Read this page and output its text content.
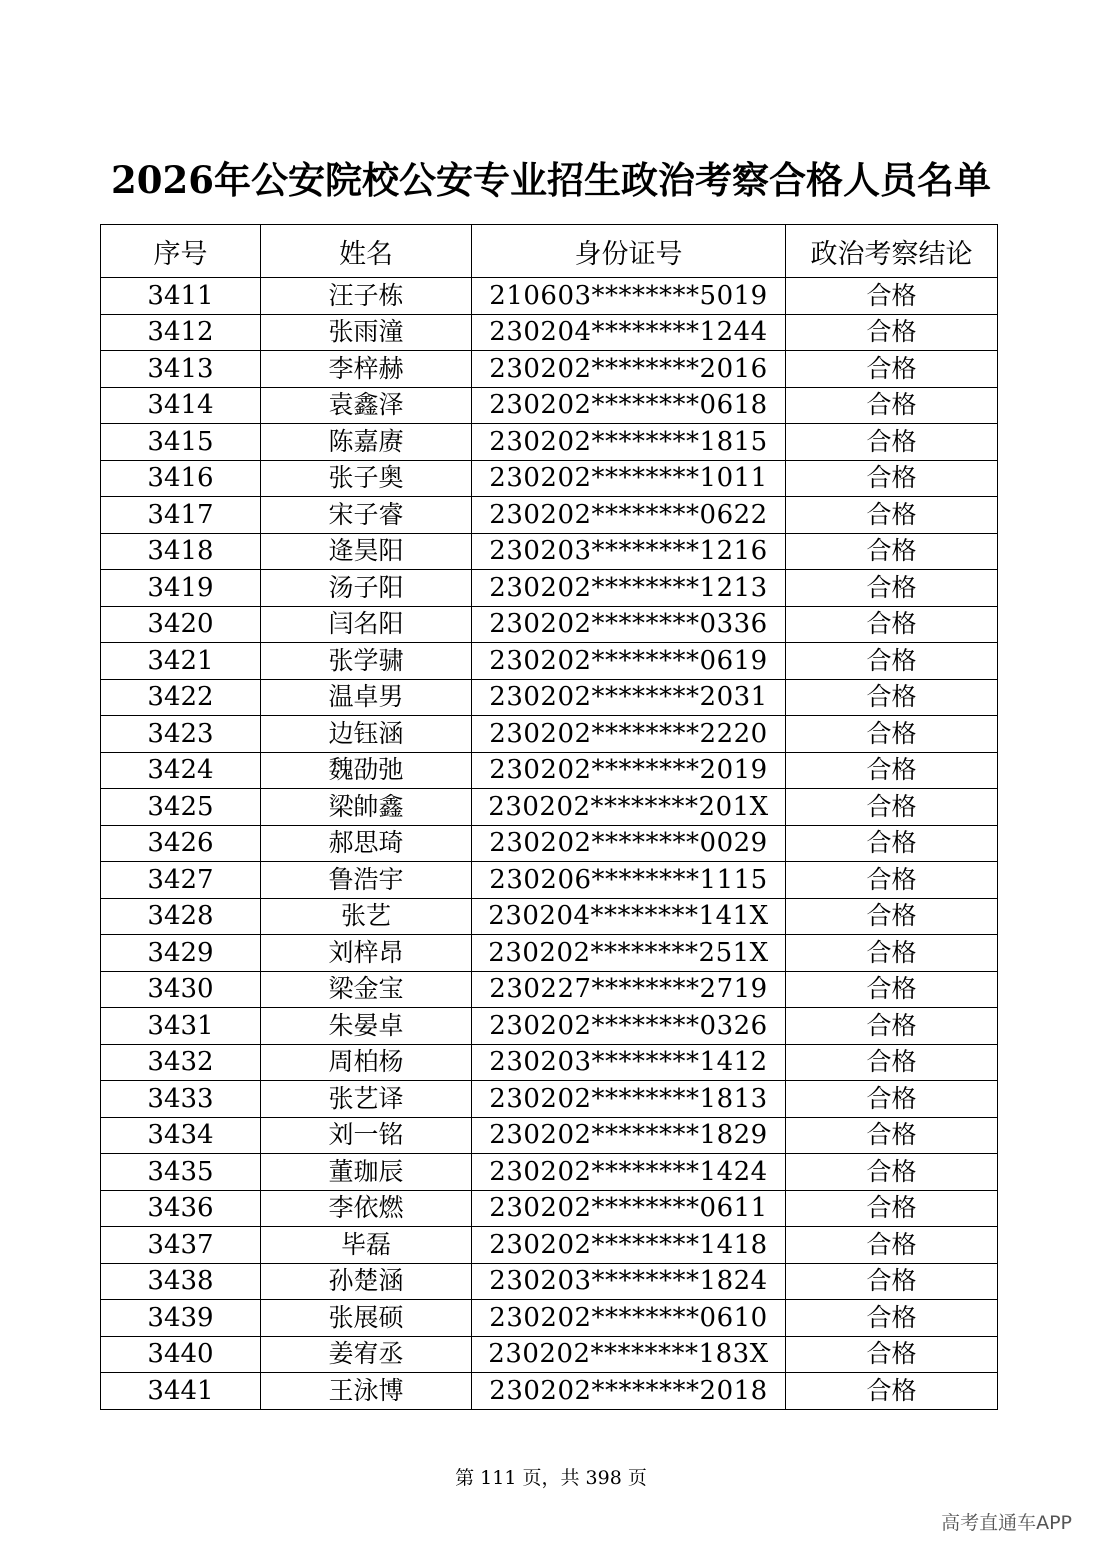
2026年公安院校公安专业招生政治考察合格人员名单
序号	姓名	身份证号	政治考察结论
3411	汪子栋	210603********5019	合格
3412	张雨潼	230204********1244	合格
3413	李梓赫	230202********2016	合格
3414	袁鑫泽	230202********0618	合格
3415	陈嘉赓	230202********1815	合格
3416	张子奥	230202********1011	合格
3417	宋子睿	230202********0622	合格
3418	逄昊阳	230203********1216	合格
3419	汤子阳	230202********1213	合格
3420	闫名阳	230202********0336	合格
3421	张学骕	230202********0619	合格
3422	温卓男	230202********2031	合格
3423	边钰涵	230202********2220	合格
3424	魏劭弛	230202********2019	合格
3425	梁帥鑫	230202********201X	合格
3426	郝思琦	230202********0029	合格
3427	鲁浩宇	230206********1115	合格
3428	张艺	230204********141X	合格
3429	刘梓昂	230202********251X	合格
3430	梁金宝	230227********2719	合格
3431	朱晏卓	230202********0326	合格
3432	周柏杨	230203********1412	合格
3433	张艺译	230202********1813	合格
3434	刘一铭	230202********1829	合格
3435	董珈辰	230202********1424	合格
3436	李依燃	230202********0611	合格
3437	毕磊	230202********1418	合格
3438	孙楚涵	230203********1824	合格
3439	张展硕	230202********0610	合格
3440	姜宥丞	230202********183X	合格
3441	王泳博	230202********2018	合格
第 111 页，共 398 页
高考直通车APP
